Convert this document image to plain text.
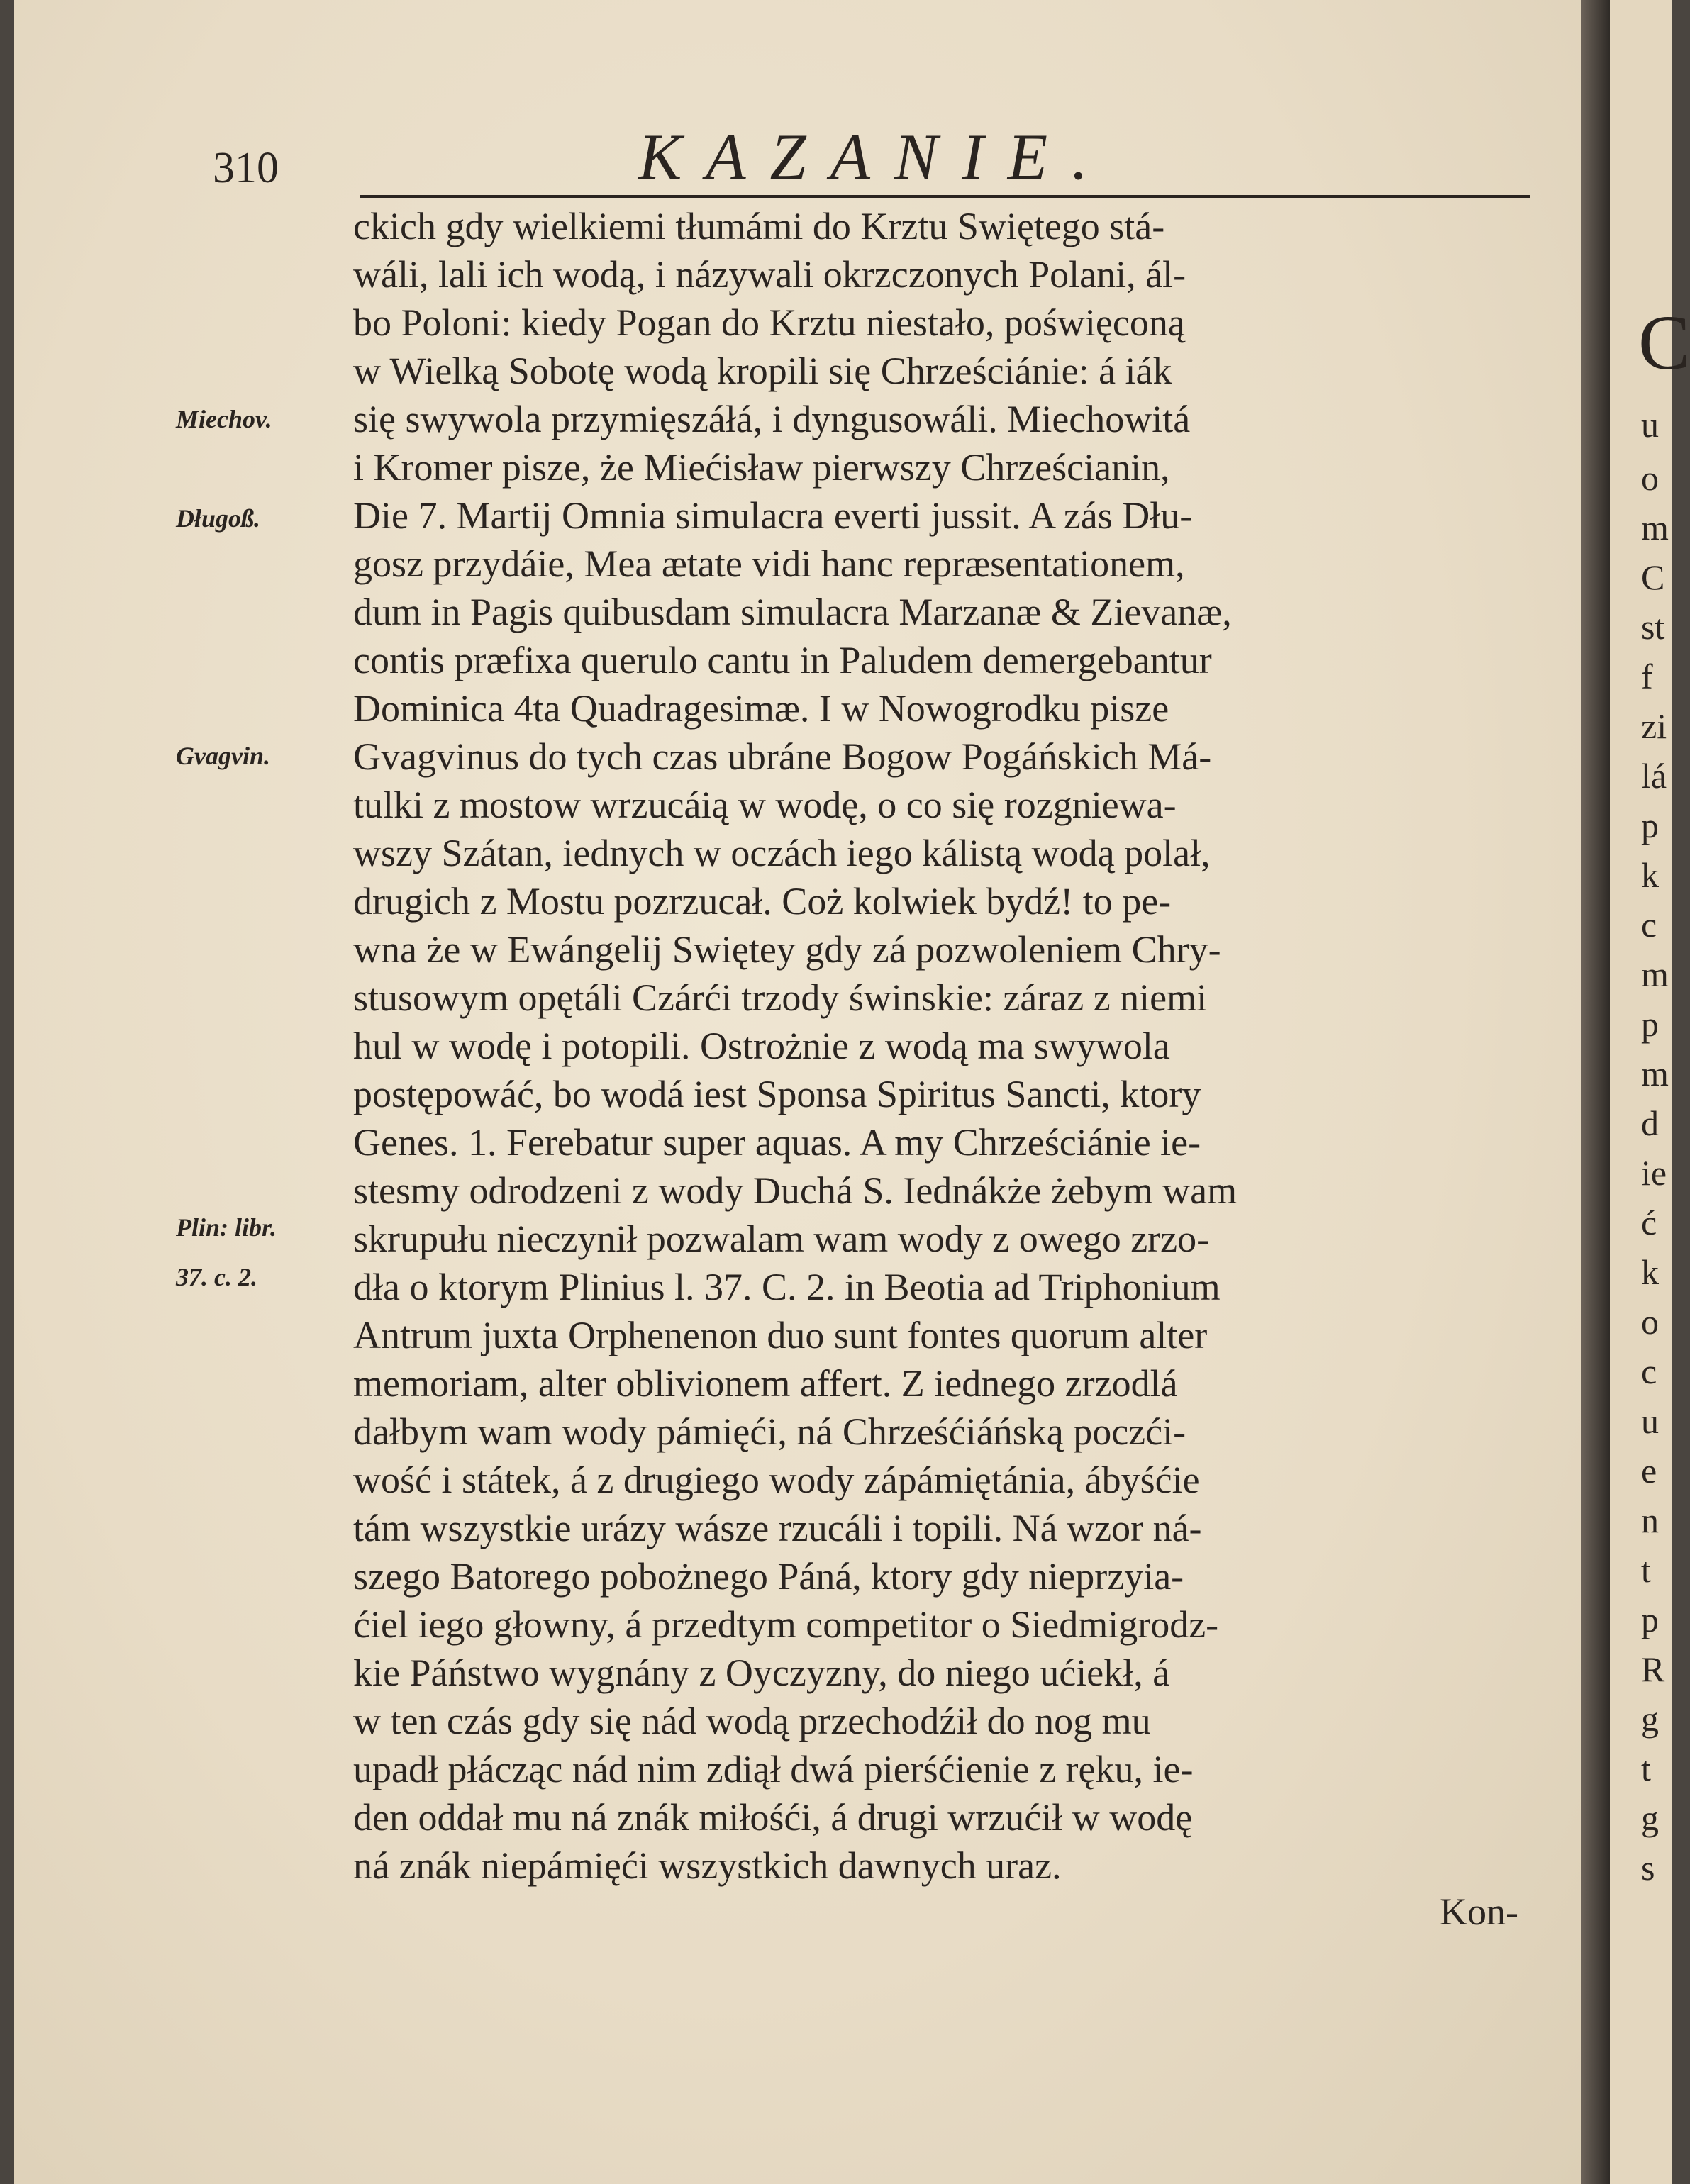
310	KAZANIE.
Miechov.
Długoß.
Gvagvin.
Plin: libr.
37. c. 2.
ckich gdy wielkiemi tłumámi do Krztu Swiętego stá-
wáli, lali ich wodą, i názywali okrzczonych Polani, ál-
bo Poloni: kiedy Pogan do Krztu niestało, poświęconą
w Wielką Sobotę wodą kropili się Chrześciánie: á iák
się swywola przymięszáłá, i dyngusowáli. Miechowitá
i Kromer pisze, że Miećisław pierwszy Chrześcianin,
Die 7. Martij Omnia simulacra everti jussit. A zás Dłu-
gosz przydáie, Mea ætate vidi hanc repræsentationem,
dum in Pagis quibusdam simulacra Marzanæ & Zievanæ,
contis præfixa querulo cantu in Paludem demergebantur
Dominica 4ta Quadragesimæ. I w Nowogrodku pisze
Gvagvinus do tych czas ubráne Bogow Pogáńskich Má-
tulki z mostow wrzucáią w wodę, o co się rozgniewa-
wszy Szátan, iednych w oczách iego kálistą wodą polał,
drugich z Mostu pozrzucał. Coż kolwiek bydź! to pe-
wna że w Ewángelij Swiętey gdy zá pozwoleniem Chry-
stusowym opętáli Czárći trzody świnskie: záraz z niemi
hul w wodę i potopili. Ostrożnie z wodą ma swywola
postępowáć, bo wodá iest Sponsa Spiritus Sancti, ktory
Genes. 1. Ferebatur super aquas. A my Chrześciánie ie-
stesmy odrodzeni z wody Duchá S. Iednákże żebym wam
skrupułu nieczynił pozwalam wam wody z owego zrzo-
dła o ktorym Plinius l. 37. C. 2. in Beotia ad Triphonium
Antrum juxta Orphenenon duo sunt fontes quorum alter
memoriam, alter oblivionem affert. Z iednego zrzodlá
dałbym wam wody pámięći, ná Chrześćiáńską poczći-
wość i státek, á z drugiego wody zápámiętánia, ábyśćie
tám wszystkie urázy wásze rzucáli i topili. Ná wzor ná-
szego Batorego pobożnego Páná, ktory gdy nieprzyia-
ćiel iego głowny, á przedtym competitor o Siedmigrodz-
kie Páństwo wygnány z Oyczyzny, do niego ućiekł, á
w ten czás gdy się nád wodą przechodźił do nog mu
upadł płácząc nád nim zdiął dwá pierśćienie z ręku, ie-
den oddał mu ná znák miłośći, á drugi wrzućił w wodę
ná znák niepámięći wszystkich dawnych uraz.
Kon-
C
u
o
m
C
st
f
zi
lá
p
k
c
m
p
m
d
ie
ć
k
o
c
u
e
n
t
p
R
g
t
g
s
